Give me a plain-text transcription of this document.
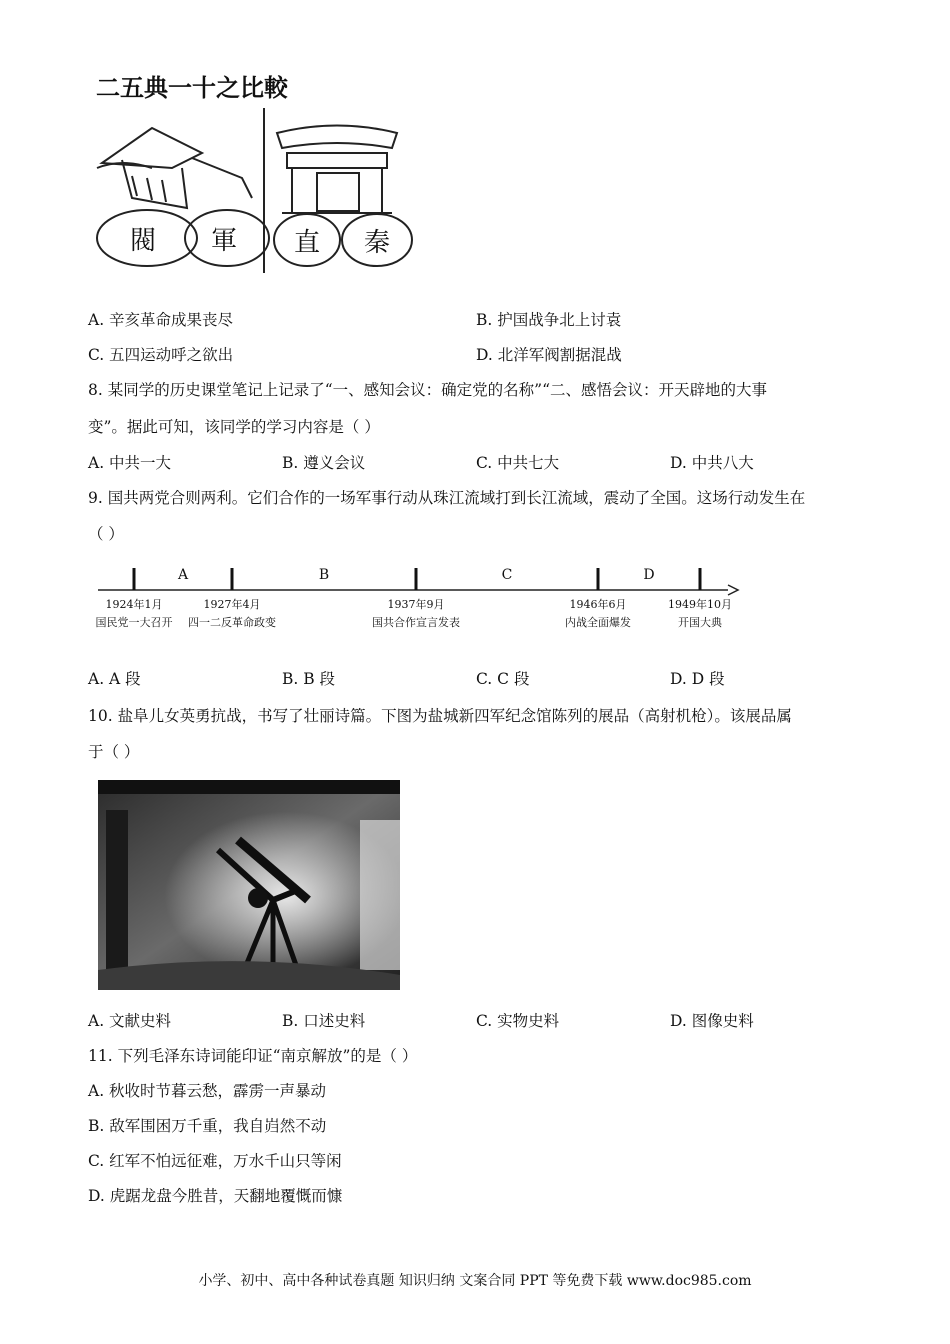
二五典一十之比較
閥 軍 直 秦
A. 辛亥革命成果丧尽	B. 护国战争北上讨袁
C. 五四运动呼之欲出	D. 北洋军阀割据混战
8. 某同学的历史课堂笔记上记录了“一、感知会议：确定党的名称”“二、感悟会议：开天辟地的大事
变”。据此可知，该同学的学习内容是（ ）
A. 中共一大	B. 遵义会议	C. 中共七大	D. 中共八大
9. 国共两党合则两利。它们合作的一场军事行动从珠江流域打到长江流域，震动了全国。这场行动发生在
（ ）
1924年1月
国民党一大召开
1927年4月
四一二反革命政变
1937年9月
国共合作宣言发表
1946年6月
内战全面爆发
1949年10月
开国大典
A	B	C	D
A. A 段	B. B 段	C. C 段	D. D 段
10. 盐阜儿女英勇抗战，书写了壮丽诗篇。下图为盐城新四军纪念馆陈列的展品（高射机枪）。该展品属
于（ ）
A. 文献史料	B. 口述史料	C. 实物史料	D. 图像史料
11. 下列毛泽东诗词能印证“南京解放”的是（ ）
A. 秋收时节暮云愁，霹雳一声暴动
B. 敌军围困万千重，我自岿然不动
C. 红军不怕远征难，万水千山只等闲
D. 虎踞龙盘今胜昔，天翻地覆慨而慷
小学、初中、高中各种试卷真题 知识归纳 文案合同 PPT 等免费下载 www.doc985.com
